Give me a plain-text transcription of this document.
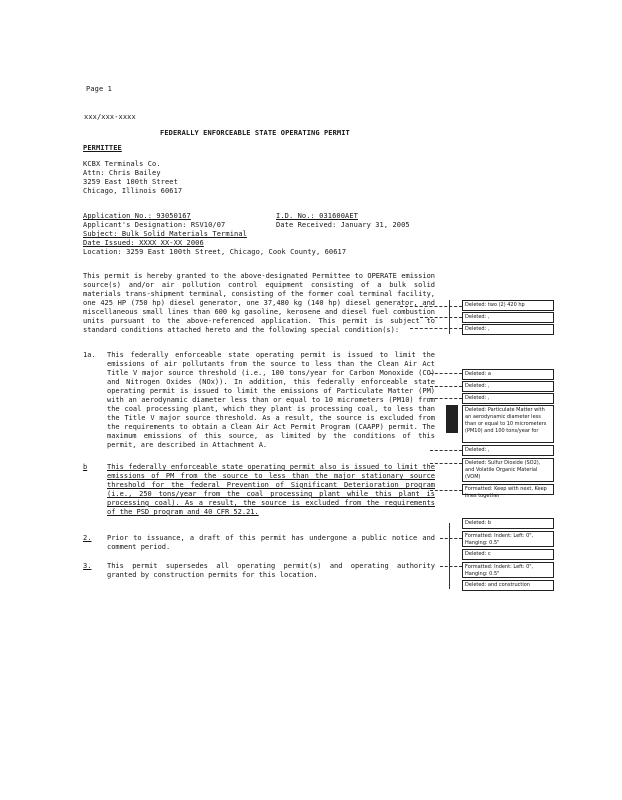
Page 1
xxx/xxx-xxxx
FEDERALLY ENFORCEABLE STATE OPERATING PERMIT
PERMITTEE
KCBX Terminals Co.
Attn: Chris Bailey
3259 East 100th Street
Chicago, Illinois 60617
Application No.: 93050167	I.D. No.: 031600AET
Applicant's Designation: RSV10/07	Date Received: January 31, 2005
Subject: Bulk Solid Materials Terminal
Date Issued: XXXX XX-XX 2006
Location: 3259 East 100th Street, Chicago, Cook County, 60617
This permit is hereby granted to the above-designated Permittee to OPERATE emission source(s) and/or air pollution control equipment consisting of a bulk solid materials trans-shipment terminal, consisting of the former coal terminal facility, one 425 HP (750 hp) diesel generator, one 37,480 kg (140 hp) diesel generator, and miscellaneous small lines than 600 kg gasoline, kerosene and diesel fuel combustion units pursuant to the above-referenced application. This permit is subject to standard conditions attached hereto and the following special condition(s):
1a. This federally enforceable state operating permit is issued to limit the emissions of air pollutants from the source to less than the Clean Air Act Title V major source threshold (i.e., 100 tons/year for Carbon Monoxide (CO) and Nitrogen Oxides (NOx)). In addition, this federally enforceable state operating permit is issued to limit the emissions of Particulate Matter (PM) with an aerodynamic diameter less than or equal to 10 micrometers (PM10) from the coal processing plant, which they plant is processing coal, to less than the Title V major source threshold. As a result, the source is excluded from the requirements to obtain a Clean Air Act Permit Program (CAAPP) permit. The maximum emissions of this source, as limited by the conditions of this permit, are described in Attachment A.
b	This federally enforceable state operating permit also is issued to limit the emissions of PM from the source to less than the major stationary source threshold for the federal Prevention of Significant Deterioration program (i.e., 250 tons/year from the coal processing plant while this plant is processing coal). As a result, the source is excluded from the requirements of the PSD program and 40 CFR 52.21.
2. Prior to issuance, a draft of this permit has undergone a public notice and comment period.
3. This permit supersedes all operating permit(s) and operating authority granted by construction permits for this location.
Deleted: two (2) 420 hp
Deleted: ,
Deleted: ,
Deleted: a
Deleted: ,
Deleted: ,
Deleted: Particulate Matter with an aerodynamic diameter less than or equal to 10 micrometers (PM10) and 100 tons/year for
Deleted: ,
Deleted: Sulfur Dioxide (SO2), and Volatile Organic Material (VOM)
Formatted: Keep with next, Keep lines together
Deleted: b
Formatted: Indent: Left: 0", Hanging: 0.5"
Deleted: c
Formatted: Indent: Left: 0", Hanging: 0.5"
Deleted: and construction
